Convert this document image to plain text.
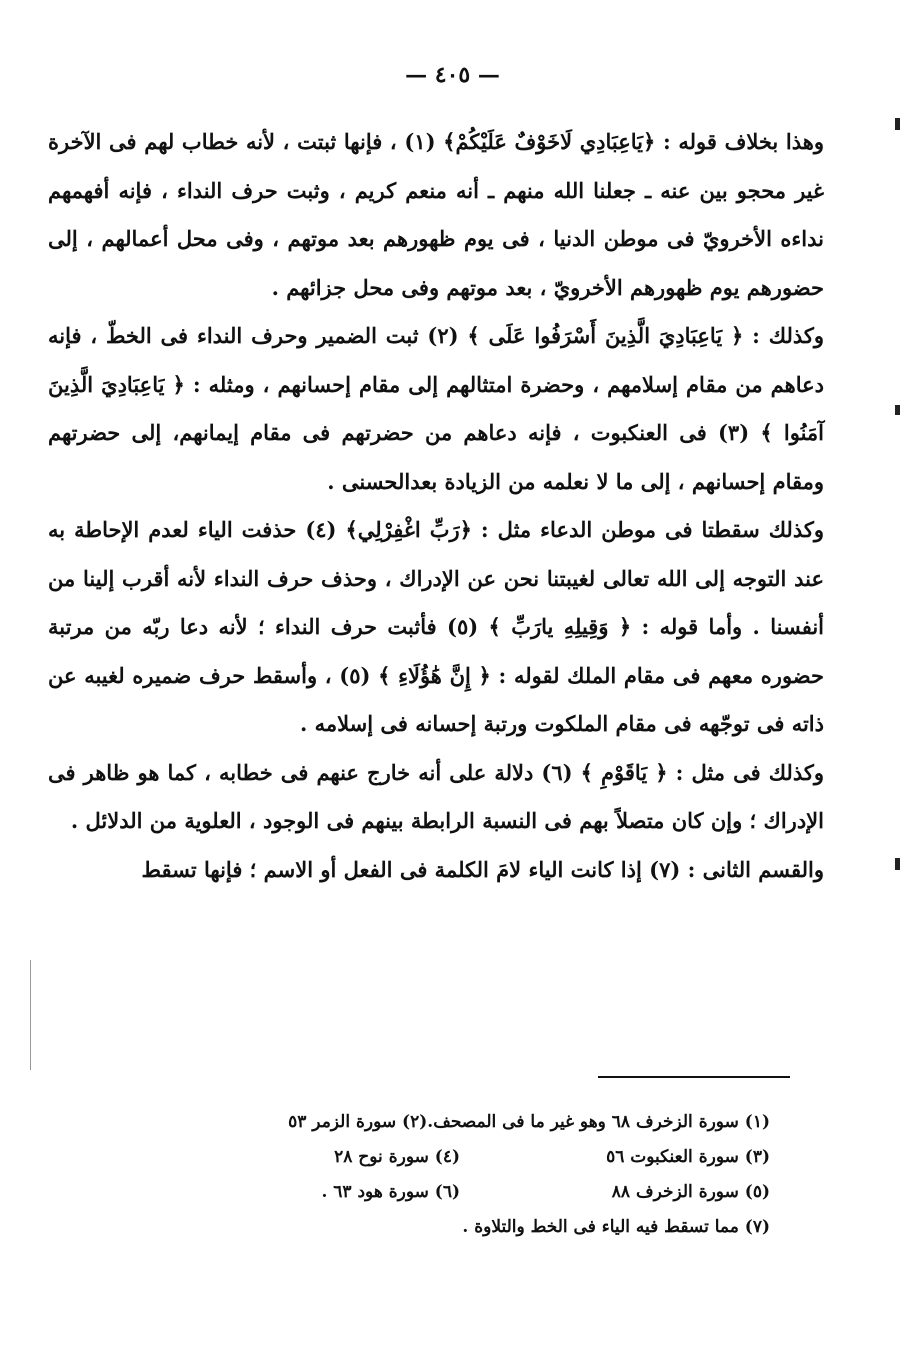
— ٤٠٥ —

وهذا بخلاف قوله : ﴿يَاعِبَادِي لَاخَوْفٌ عَلَيْكُمْ﴾ (١) ، فإنها ثبتت ، لأنه خطاب لهم فى الآخرة غير محجو بين عنه ـ جعلنا الله منهم ـ أنه منعم كريم ، وثبت حرف النداء ، فإنه أفهمهم نداءه الأخرويّ فى موطن الدنيا ، فى يوم ظهورهم بعد موتهم ، وفى محل أعمالهم ، إلى حضورهم يوم ظهورهم الأخرويّ ، بعد موتهم وفى محل جزائهم .

وكذلك : ﴿ يَاعِبَادِيَ الَّذِينَ أَسْرَفُوا عَلَى ﴾ (٢) ثبت الضمير وحرف النداء فى الخطّ ، فإنه دعاهم من مقام إسلامهم ، وحضرة امتثالهم إلى مقام إحسانهم ، ومثله : ﴿ يَاعِبَادِيَ الَّذِينَ آمَنُوا ﴾ (٣) فى العنكبوت ، فإنه دعاهم من حضرتهم فى مقام إيمانهم، إلى حضرتهم ومقام إحسانهم ، إلى ما لا نعلمه من الزيادة بعدالحسنى .

وكذلك سقطتا فى موطن الدعاء مثل : ﴿رَبِّ اغْفِرْلِي﴾ (٤) حذفت الياء لعدم الإحاطة به عند التوجه إلى الله تعالى لغيبتنا نحن عن الإدراك ، وحذف حرف النداء لأنه أقرب إلينا من أنفسنا . وأما قوله : ﴿ وَقِيلِهِ يارَبِّ ﴾ (٥) فأثبت حرف النداء ؛ لأنه دعا ربّه من مرتبة حضوره معهم فى مقام الملك لقوله : ﴿ إِنَّ هَٰؤُلَاءِ ﴾ (٥) ، وأسقط حرف ضميره لغيبه عن ذاته فى توجّهه فى مقام الملكوت ورتبة إحسانه فى إسلامه .

وكذلك فى مثل : ﴿ يَاقَوْمِ ﴾ (٦) دلالة على أنه خارج عنهم فى خطابه ، كما هو ظاهر فى الإدراك ؛ وإن كان متصلاً بهم فى النسبة الرابطة بينهم فى الوجود ، العلوية من الدلائل .

والقسم الثانى : (٧) إذا كانت الياء لامَ الكلمة فى الفعل أو الاسم ؛ فإنها تسقط

(١) سورة الزخرف ٦٨ وهو غير ما فى المصحف.
(٢) سورة الزمر ٥٣
(٣) سورة العنكبوت ٥٦
(٤) سورة نوح ٢٨
(٥) سورة الزخرف ٨٨
(٦) سورة هود ٦٣ .
(٧) مما تسقط فيه الياء فى الخط والتلاوة .
